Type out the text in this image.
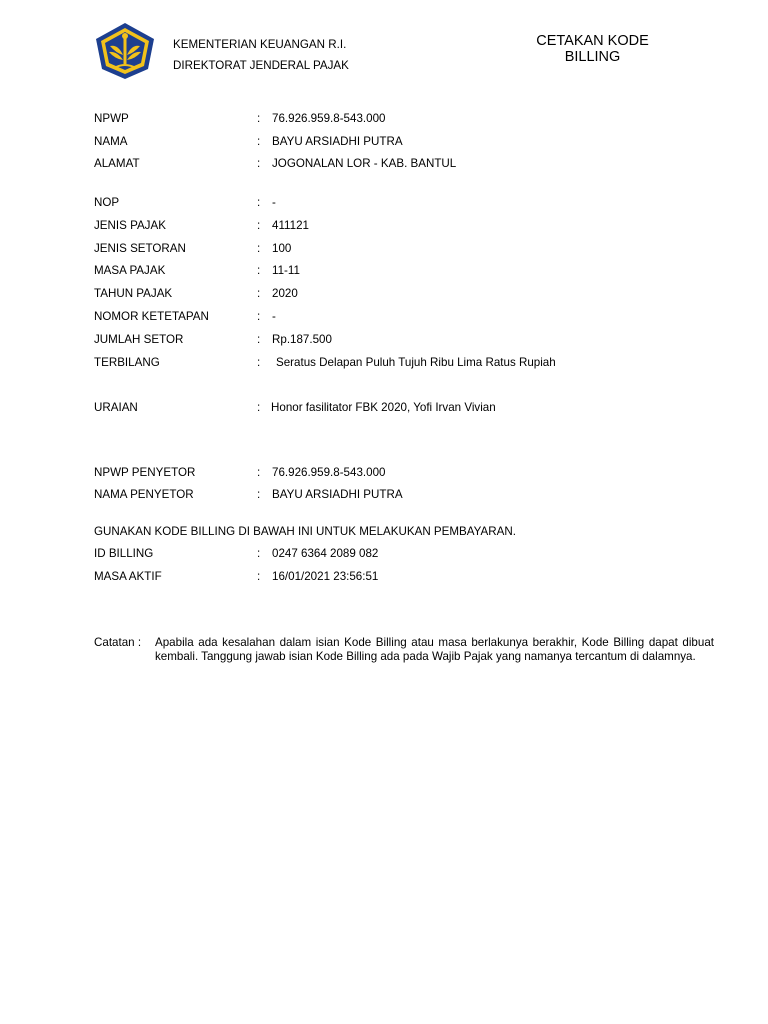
KEMENTERIAN KEUANGAN R.I.
DIREKTORAT JENDERAL PAJAK
CETAKAN KODE
BILLING
NPWP	: 76.926.959.8-543.000
NAMA	: BAYU ARSIADHI PUTRA
ALAMAT	: JOGONALAN LOR - KAB. BANTUL
NOP	: -
JENIS PAJAK	: 411121
JENIS SETORAN	: 100
MASA PAJAK	: 11-11
TAHUN PAJAK	: 2020
NOMOR KETETAPAN	: -
JUMLAH SETOR	: Rp.187.500
TERBILANG	: Seratus Delapan Puluh Tujuh Ribu Lima Ratus Rupiah
URAIAN	: Honor fasilitator FBK 2020, Yofi Irvan Vivian
NPWP PENYETOR	: 76.926.959.8-543.000
NAMA PENYETOR	: BAYU ARSIADHI PUTRA
GUNAKAN KODE BILLING DI BAWAH INI UNTUK MELAKUKAN PEMBAYARAN.
ID BILLING	: 0247 6364 2089 082
MASA AKTIF	: 16/01/2021 23:56:51
Catatan : Apabila ada kesalahan dalam isian Kode Billing atau masa berlakunya berakhir, Kode Billing dapat dibuat kembali. Tanggung jawab isian Kode Billing ada pada Wajib Pajak yang namanya tercantum di dalamnya.
